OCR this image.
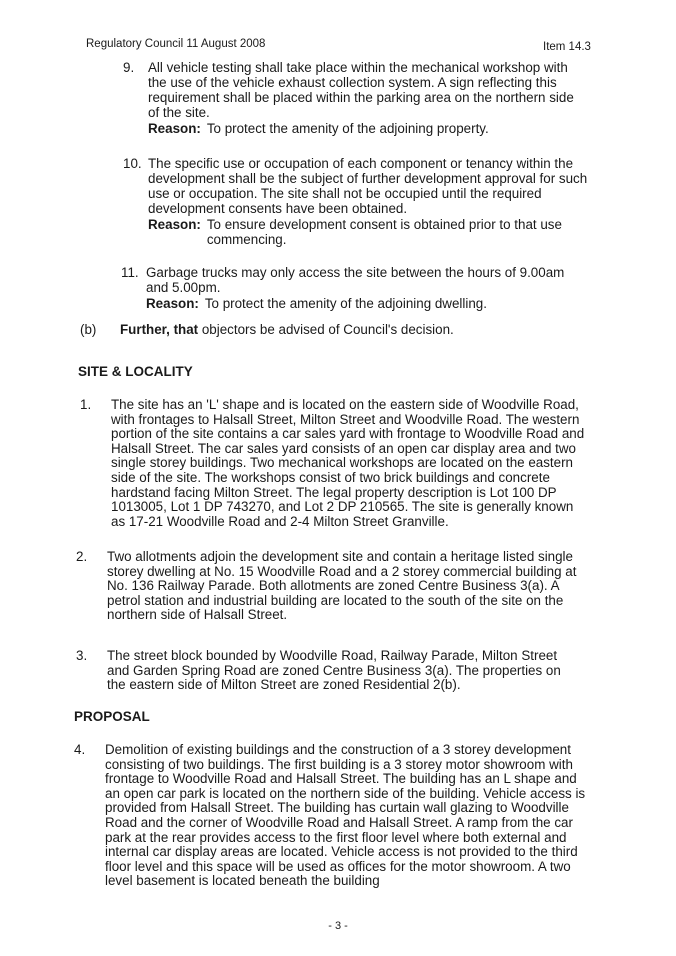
Regulatory Council 11 August 2008	Item 14.3
9. All vehicle testing shall take place within the mechanical workshop with the use of the vehicle exhaust collection system. A sign reflecting this requirement shall be placed within the parking area on the northern side of the site.
Reason: To protect the amenity of the adjoining property.
10. The specific use or occupation of each component or tenancy within the development shall be the subject of further development approval for such use or occupation. The site shall not be occupied until the required development consents have been obtained.
Reason: To ensure development consent is obtained prior to that use commencing.
11. Garbage trucks may only access the site between the hours of 9.00am and 5.00pm.
Reason: To protect the amenity of the adjoining dwelling.
(b) Further, that objectors be advised of Council's decision.
SITE & LOCALITY
1. The site has an 'L' shape and is located on the eastern side of Woodville Road, with frontages to Halsall Street, Milton Street and Woodville Road. The western portion of the site contains a car sales yard with frontage to Woodville Road and Halsall Street. The car sales yard consists of an open car display area and two single storey buildings. Two mechanical workshops are located on the eastern side of the site. The workshops consist of two brick buildings and concrete hardstand facing Milton Street. The legal property description is Lot 100 DP 1013005, Lot 1 DP 743270, and Lot 2 DP 210565. The site is generally known as 17-21 Woodville Road and 2-4 Milton Street Granville.
2. Two allotments adjoin the development site and contain a heritage listed single storey dwelling at No. 15 Woodville Road and a 2 storey commercial building at No. 136 Railway Parade. Both allotments are zoned Centre Business 3(a). A petrol station and industrial building are located to the south of the site on the northern side of Halsall Street.
3. The street block bounded by Woodville Road, Railway Parade, Milton Street and Garden Spring Road are zoned Centre Business 3(a). The properties on the eastern side of Milton Street are zoned Residential 2(b).
PROPOSAL
4. Demolition of existing buildings and the construction of a 3 storey development consisting of two buildings. The first building is a 3 storey motor showroom with frontage to Woodville Road and Halsall Street. The building has an L shape and an open car park is located on the northern side of the building. Vehicle access is provided from Halsall Street. The building has curtain wall glazing to Woodville Road and the corner of Woodville Road and Halsall Street. A ramp from the car park at the rear provides access to the first floor level where both external and internal car display areas are located. Vehicle access is not provided to the third floor level and this space will be used as offices for the motor showroom. A two level basement is located beneath the building
- 3 -
